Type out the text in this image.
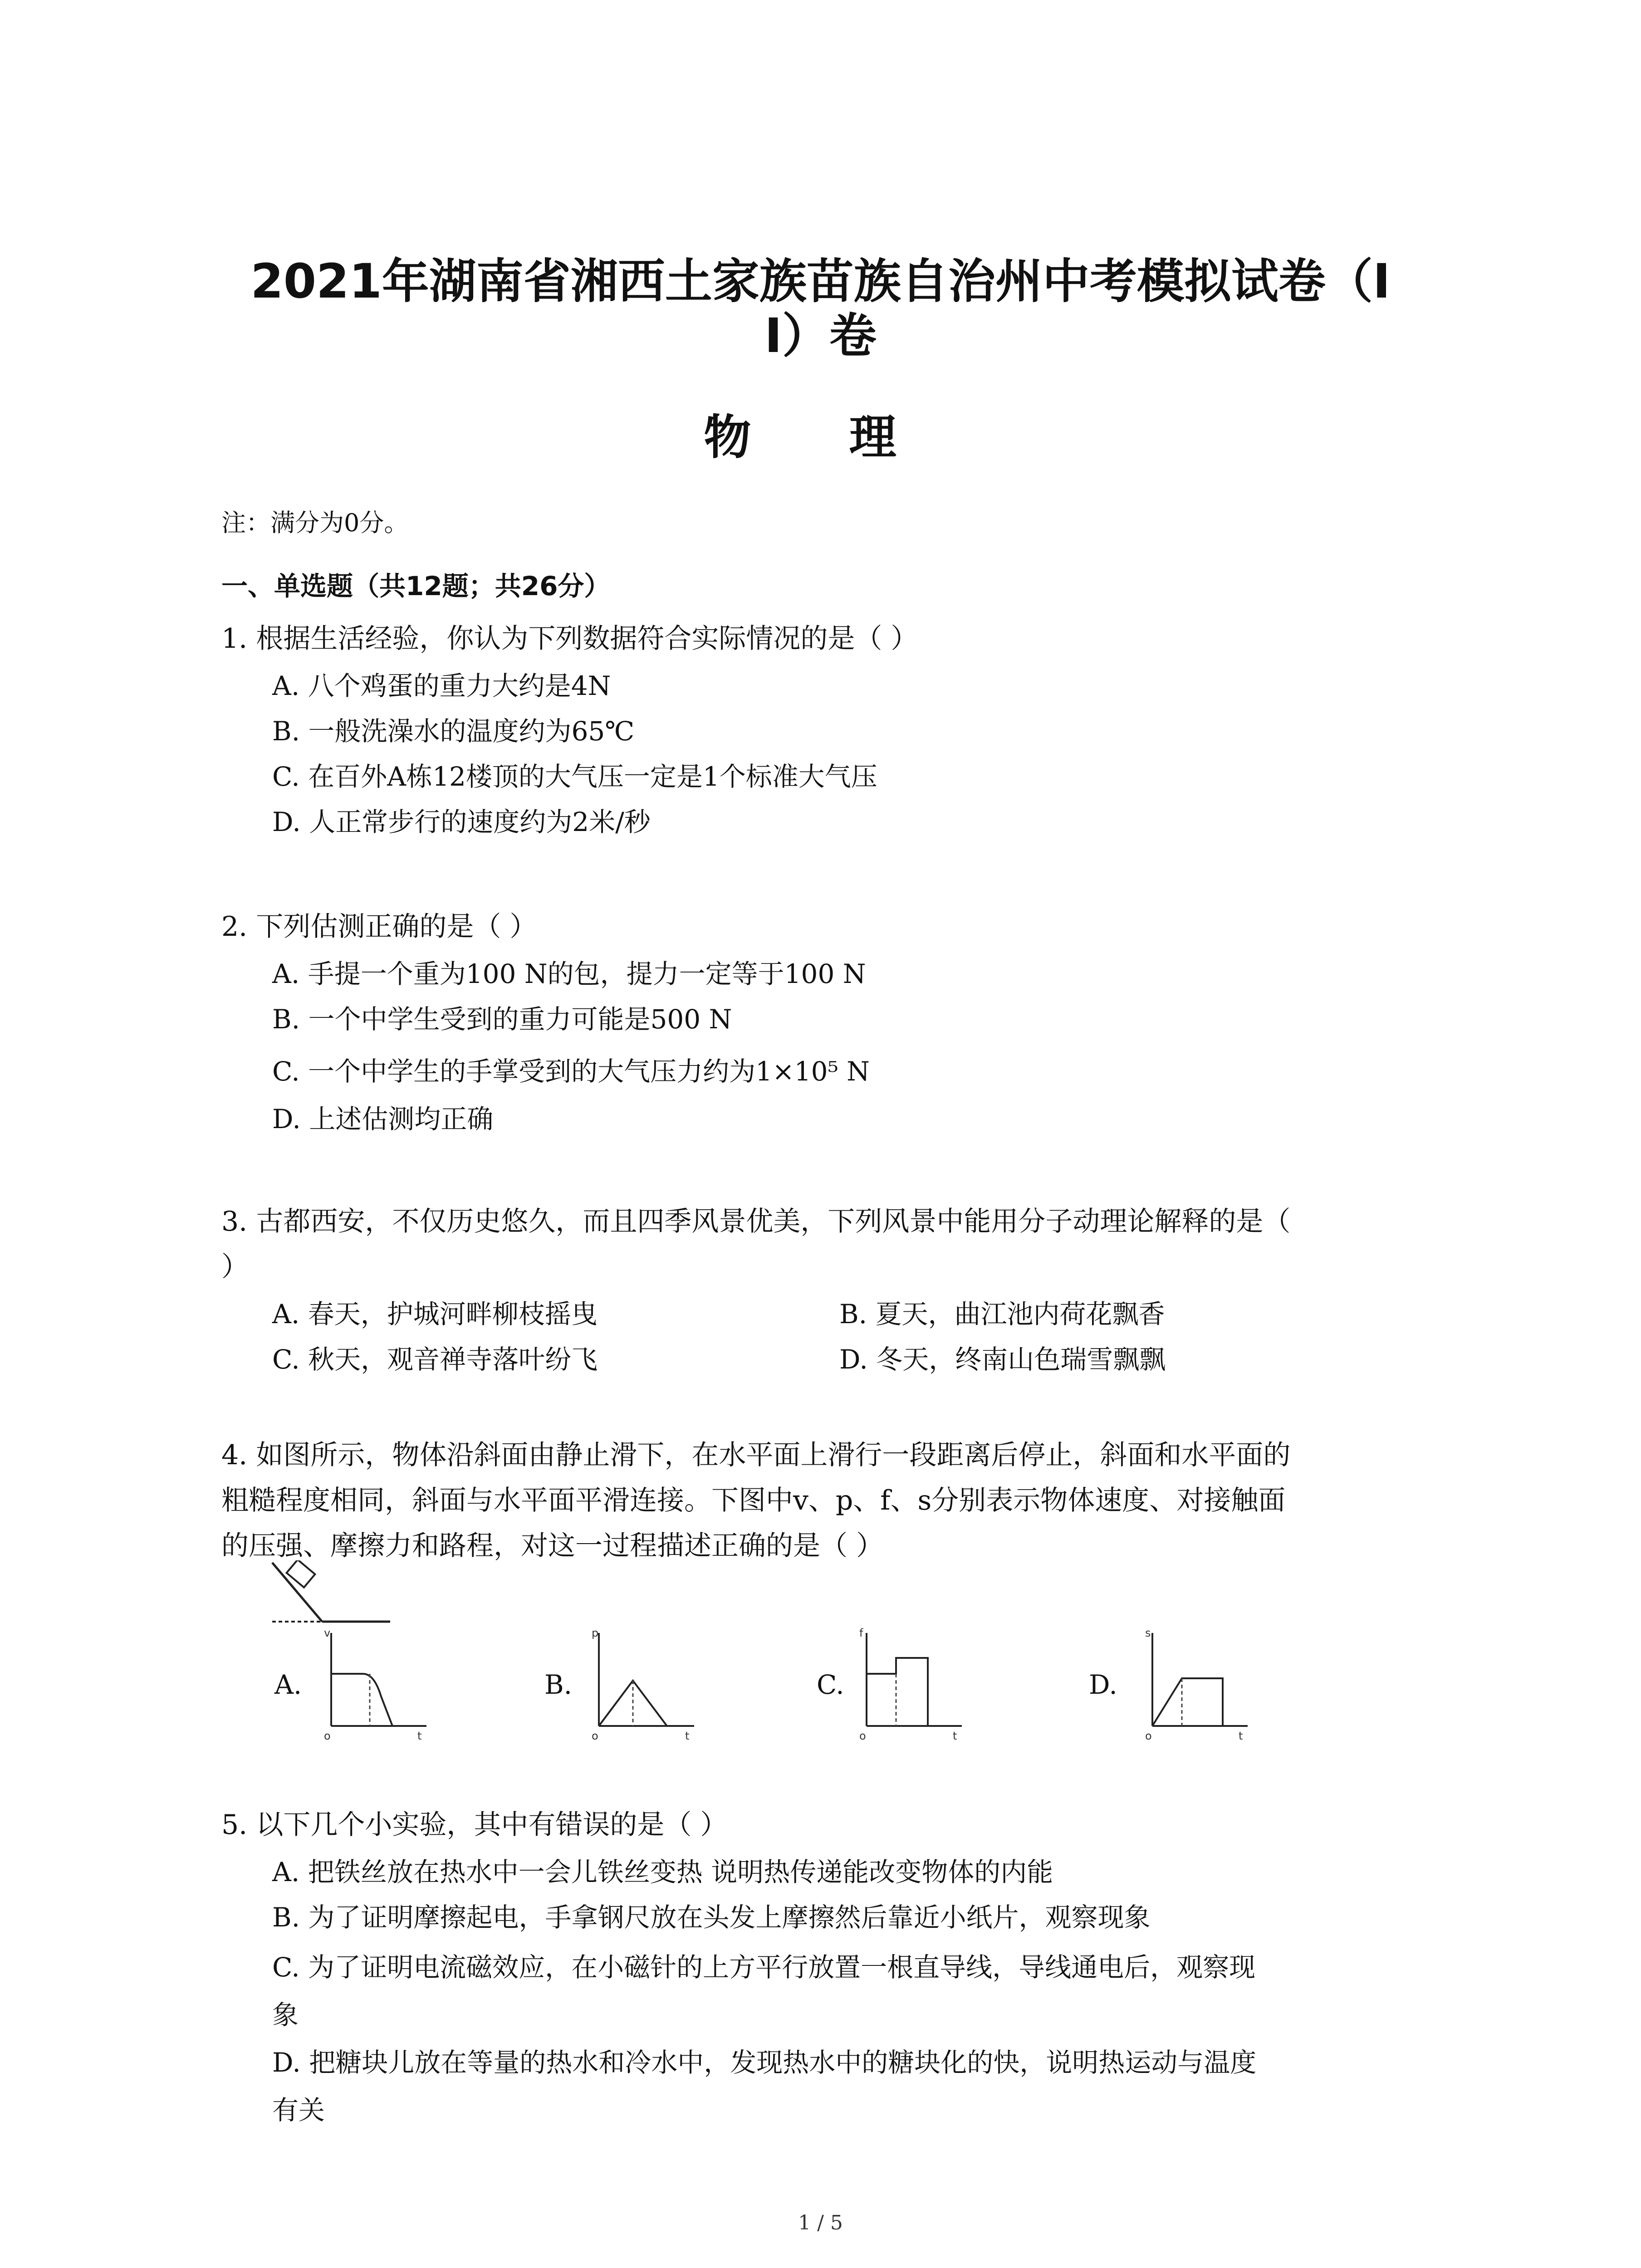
2021年湖南省湘西土家族苗族自治州中考模拟试卷（I
I）卷
物 理
注：满分为0分。
一、单选题（共12题；共26分）
1. 根据生活经验，你认为下列数据符合实际情况的是（ ）
A. 八个鸡蛋的重力大约是4N
B. 一般洗澡水的温度约为65℃
C. 在百外A栋12楼顶的大气压一定是1个标准大气压
D. 人正常步行的速度约为2米/秒
2. 下列估测正确的是（ ）
A. 手提一个重为100 N的包，提力一定等于100 N
B. 一个中学生受到的重力可能是500 N
C. 一个中学生的手掌受到的大气压力约为1×10⁵ N
D. 上述估测均正确
3. 古都西安，不仅历史悠久，而且四季风景优美，下列风景中能用分子动理论解释的是（
）
A. 春天，护城河畔柳枝摇曳	B. 夏天，曲江池内荷花飘香
C. 秋天，观音禅寺落叶纷飞	D. 冬天，终南山色瑞雪飘飘
4. 如图所示，物体沿斜面由静止滑下，在水平面上滑行一段距离后停止，斜面和水平面的
粗糙程度相同，斜面与水平面平滑连接。下图中v、p、f、s分别表示物体速度、对接触面
的压强、摩擦力和路程，对这一过程描述正确的是（ ）
A.	B.	C.	D.
v
t
o
p
t
o
f
t
o
s
t
o
5. 以下几个小实验，其中有错误的是（ ）
A. 把铁丝放在热水中一会儿铁丝变热 说明热传递能改变物体的内能
B. 为了证明摩擦起电，手拿钢尺放在头发上摩擦然后靠近小纸片，观察现象
C. 为了证明电流磁效应，在小磁针的上方平行放置一根直导线，导线通电后，观察现
象
D. 把糖块儿放在等量的热水和冷水中，发现热水中的糖块化的快，说明热运动与温度
有关
1 / 5
